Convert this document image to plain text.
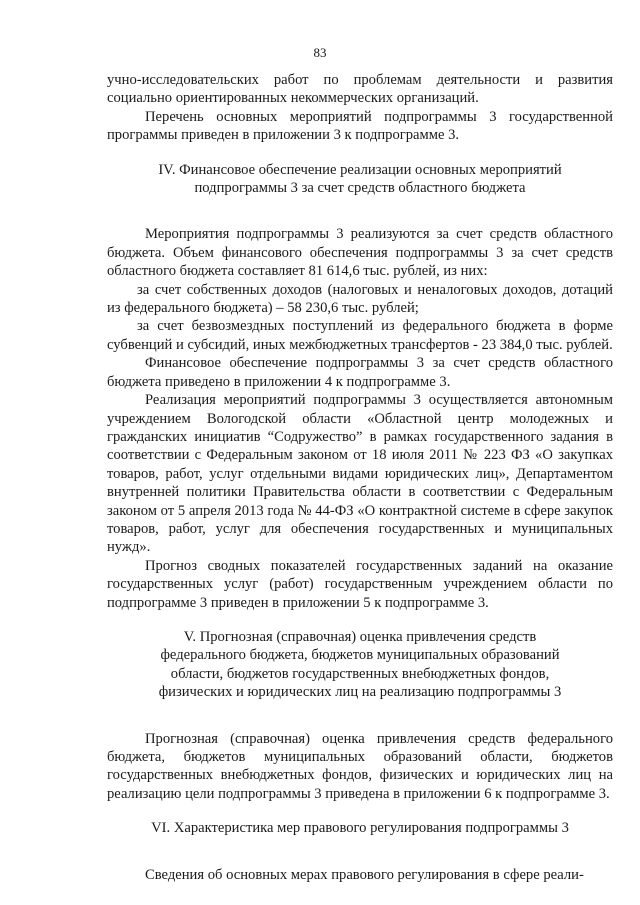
83

учно-исследовательских работ по проблемам деятельности и развития социально ориентированных некоммерческих организаций.

Перечень основных мероприятий подпрограммы 3 государственной программы приведен в приложении 3 к подпрограмме 3.

IV. Финансовое обеспечение реализации основных мероприятий
подпрограммы 3 за счет средств областного бюджета

Мероприятия подпрограммы 3 реализуются за счет средств областного бюджета. Объем финансового обеспечения подпрограммы 3 за счет средств областного бюджета составляет 81 614,6 тыс. рублей, из них:

за счет собственных доходов (налоговых и неналоговых доходов, дотаций из федерального бюджета) – 58 230,6 тыс. рублей;

за счет безвозмездных поступлений из федерального бюджета в форме субвенций и субсидий, иных межбюджетных трансфертов - 23 384,0 тыс. рублей.

Финансовое обеспечение подпрограммы 3 за счет средств областного бюджета приведено в приложении 4 к подпрограмме 3.

Реализация мероприятий подпрограммы 3 осуществляется автономным учреждением Вологодской области «Областной центр молодежных и гражданских инициатив “Содружество” в рамках государственного задания в соответствии с Федеральным законом от 18 июля 2011 № 223 ФЗ «О закупках товаров, работ, услуг отдельными видами юридических лиц», Департаментом внутренней политики Правительства области в соответствии с Федеральным законом от 5 апреля 2013 года № 44-ФЗ «О контрактной системе в сфере закупок товаров, работ, услуг для обеспечения государственных и муниципальных нужд».

Прогноз сводных показателей государственных заданий на оказание государственных услуг (работ) государственным учреждением области по подпрограмме 3 приведен в приложении 5 к подпрограмме 3.

V. Прогнозная (справочная) оценка привлечения средств
федерального бюджета, бюджетов муниципальных образований
области, бюджетов государственных внебюджетных фондов,
физических и юридических лиц на реализацию подпрограммы 3

Прогнозная (справочная) оценка привлечения средств федерального бюджета, бюджетов муниципальных образований области, бюджетов государственных внебюджетных фондов, физических и юридических лиц на реализацию цели подпрограммы 3 приведена в приложении 6 к подпрограмме 3.

VI. Характеристика мер правового регулирования подпрограммы 3

Сведения об основных мерах правового регулирования в сфере реали-
